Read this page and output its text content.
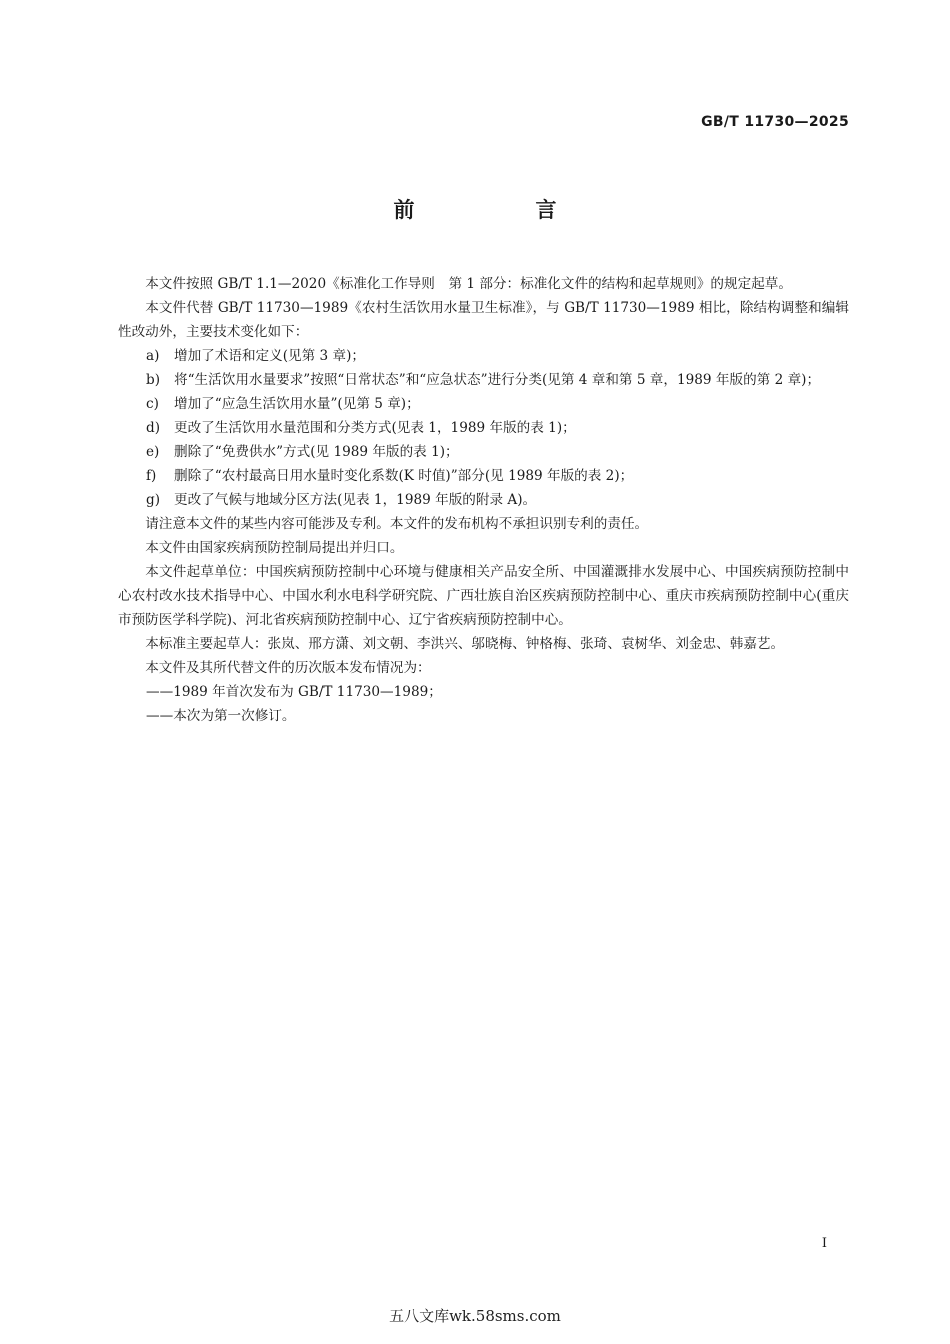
GB/T 11730—2025
前　言

本文件按照 GB/T 1.1—2020《标准化工作导则　第 1 部分：标准化文件的结构和起草规则》的规定起草。

本文件代替 GB/T 11730—1989《农村生活饮用水量卫生标准》，与 GB/T 11730—1989 相比，除结构调整和编辑性改动外，主要技术变化如下：

a)	增加了术语和定义(见第 3 章)；
b)	将“生活饮用水量要求”按照“日常状态”和“应急状态”进行分类(见第 4 章和第 5 章，1989 年版的第 2 章)；
c)	增加了“应急生活饮用水量”(见第 5 章)；
d)	更改了生活饮用水量范围和分类方式(见表 1，1989 年版的表 1)；
e)	删除了“免费供水”方式(见 1989 年版的表 1)；
f)	删除了“农村最高日用水量时变化系数(K 时值)”部分(见 1989 年版的表 2)；
g)	更改了气候与地域分区方法(见表 1，1989 年版的附录 A)。

请注意本文件的某些内容可能涉及专利。本文件的发布机构不承担识别专利的责任。

本文件由国家疾病预防控制局提出并归口。

本文件起草单位：中国疾病预防控制中心环境与健康相关产品安全所、中国灌溉排水发展中心、中国疾病预防控制中心农村改水技术指导中心、中国水利水电科学研究院、广西壮族自治区疾病预防控制中心、重庆市疾病预防控制中心(重庆市预防医学科学院)、河北省疾病预防控制中心、辽宁省疾病预防控制中心。

本标准主要起草人：张岚、邢方潇、刘文朝、李洪兴、邬晓梅、钟格梅、张琦、袁树华、刘金忠、韩嘉艺。

本文件及其所代替文件的历次版本发布情况为：

——1989 年首次发布为 GB/T 11730—1989；

——本次为第一次修订。

I
五八文库wk.58sms.com
